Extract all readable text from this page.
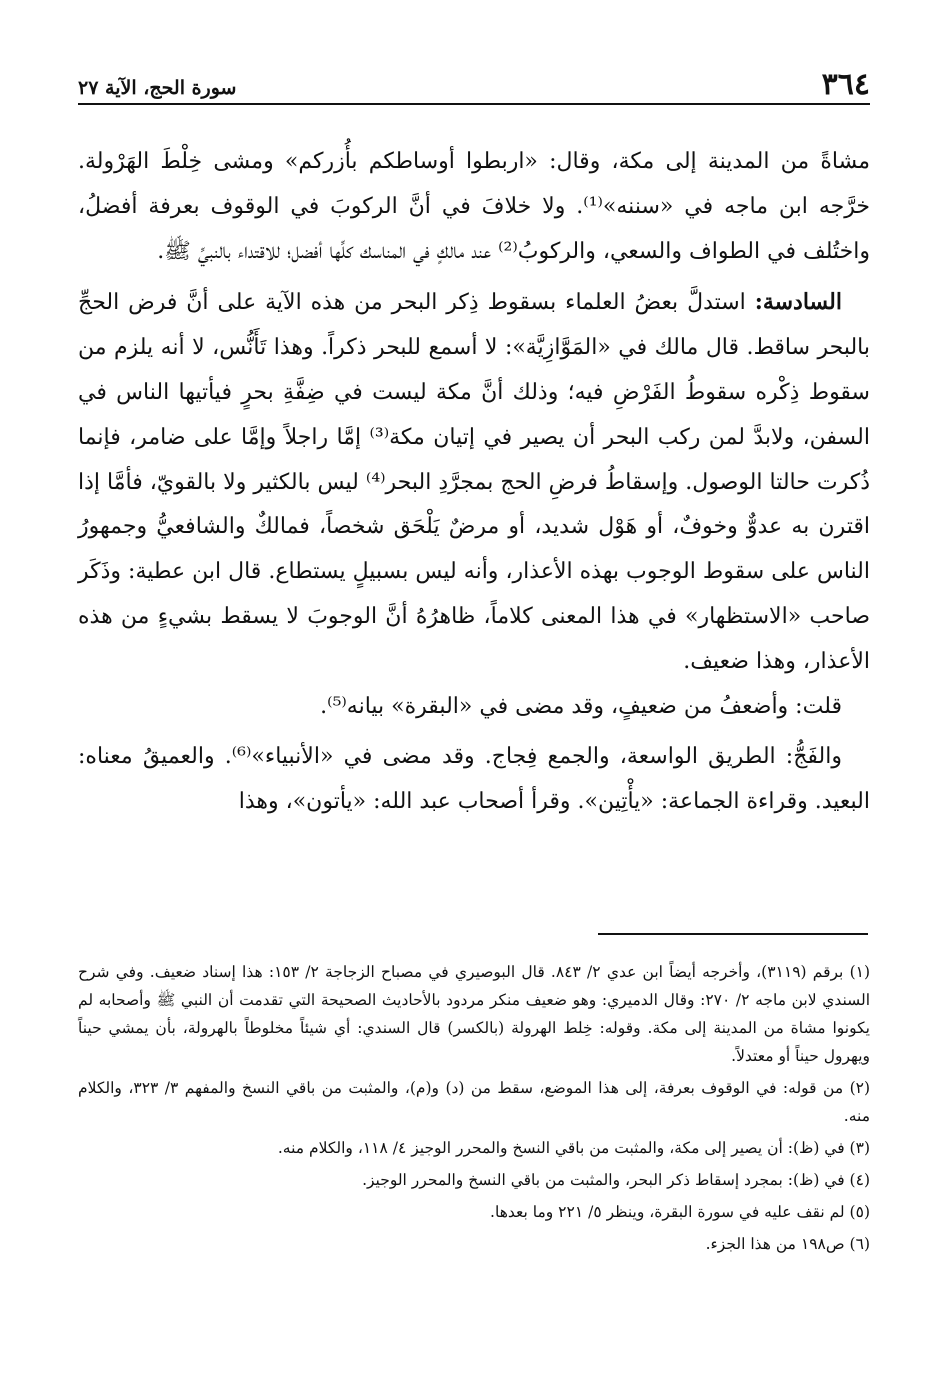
٣٦٤
سورة الحج، الآية ٢٧

مشاةً من المدينة إلى مكة، وقال: «اربطوا أوساطكم بأُزركم» ومشى خِلْطَ الهَرْولة. خرَّجه ابن ماجه في «سننه»⁽¹⁾. ولا خلافَ في أنَّ الركوبَ في الوقوف بعرفة أفضلُ، واختُلف في الطواف والسعي، والركوبُ⁽²⁾ عند مالكٍ في المناسك كلِّها أفضل؛ للاقتداء بالنبيِّ ﷺ.

السادسة: استدلَّ بعضُ العلماء بسقوط ذِكر البحر من هذه الآية على أنَّ فرض الحجِّ بالبحر ساقط. قال مالك في «المَوَّازِيَّة»: لا أسمع للبحر ذكراً. وهذا تَأَنُّس، لا أنه يلزم من سقوط ذِكْره سقوطُ الفَرْضِ فيه؛ وذلك أنَّ مكة ليست في ضِفَّةِ بحرٍ فيأتيها الناس في السفن، ولابدَّ لمن ركب البحر أن يصير في إتيان مكة⁽³⁾ إمَّا راجلاً وإمَّا على ضامر، فإنما ذُكرت حالتا الوصول. وإسقاطُ فرضِ الحج بمجرَّدِ البحر⁽⁴⁾ ليس بالكثير ولا بالقويّ، فأمَّا إذا اقترن به عدوٌّ وخوفٌ، أو هَوْل شديد، أو مرضٌ يَلْحَق شخصاً، فمالكٌ والشافعيُّ وجمهورُ الناس على سقوط الوجوب بهذه الأعذار، وأنه ليس بسبيلٍ يستطاع. قال ابن عطية: وذَكَر صاحب «الاستظهار» في هذا المعنى كلاماً، ظاهرُهُ أنَّ الوجوبَ لا يسقط بشيءٍ من هذه الأعذار، وهذا ضعيف.

قلت: وأضعفُ من ضعيفٍ، وقد مضى في «البقرة» بيانه⁽⁵⁾.

والفَجُّ: الطريق الواسعة، والجمع فِجاج. وقد مضى في «الأنبياء»⁽⁶⁾. والعميقُ معناه: البعيد. وقراءة الجماعة: «يأْتِين». وقرأ أصحاب عبد الله: «يأتون»، وهذا

(١) برقم (٣١١٩)، وأخرجه أيضاً ابن عدي ٢/ ٨٤٣. قال البوصيري في مصباح الزجاجة ٢/ ١٥٣: هذا إسناد ضعيف. وفي شرح السندي لابن ماجه ٢/ ٢٧٠: وقال الدميري: وهو ضعيف منكر مردود بالأحاديث الصحيحة التي تقدمت أن النبي ﷺ وأصحابه لم يكونوا مشاة من المدينة إلى مكة. وقوله: خِلط الهرولة (بالكسر) قال السندي: أي شيئاً مخلوطاً بالهرولة، بأن يمشي حيناً ويهرول حيناً أو معتدلاً.

(٢) من قوله: في الوقوف بعرفة، إلى هذا الموضع، سقط من (د) و(م)، والمثبت من باقي النسخ والمفهم ٣/ ٣٢٣، والكلام منه.

(٣) في (ظ): أن يصير إلى مكة، والمثبت من باقي النسخ والمحرر الوجيز ٤/ ١١٨، والكلام منه.

(٤) في (ظ): بمجرد إسقاط ذكر البحر، والمثبت من باقي النسخ والمحرر الوجيز.

(٥) لم نقف عليه في سورة البقرة، وينظر ٥/ ٢٢١ وما بعدها.

(٦) ص١٩٨ من هذا الجزء.
